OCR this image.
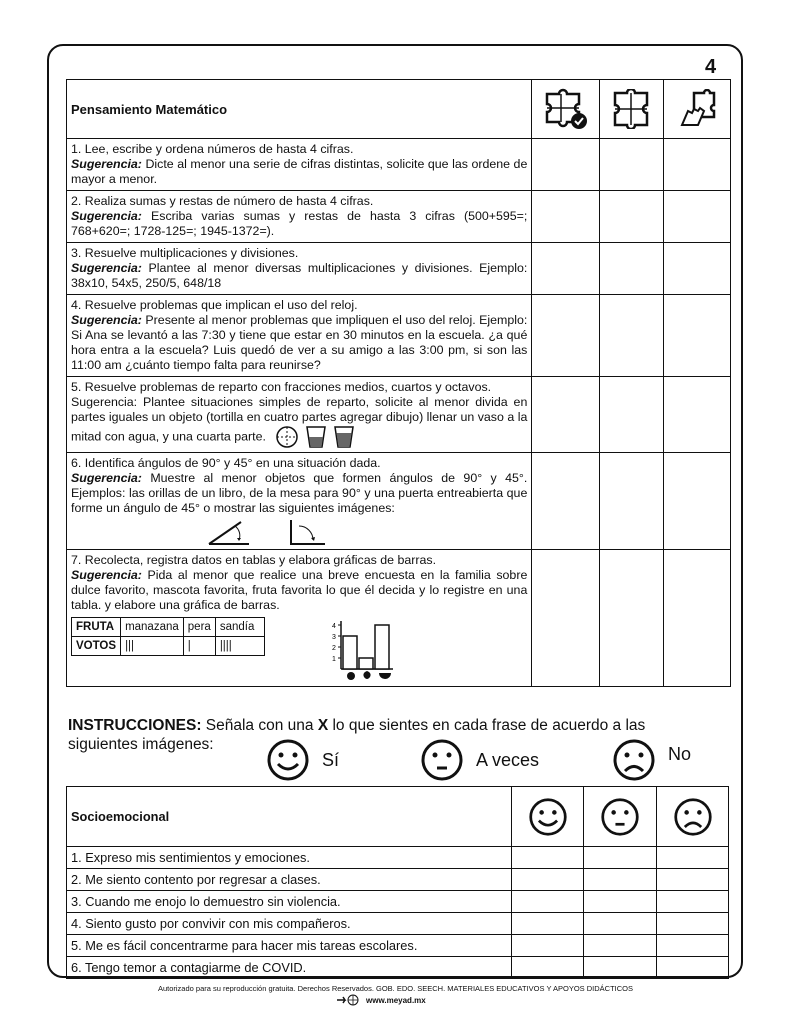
4
Pensamiento Matemático	

1. Lee, escribe y ordena números de hasta 4 cifras.
Sugerencia: Dicte al menor una serie de cifras distintas, solicite que las ordene de mayor a menor.			
2. Realiza sumas y restas de número de hasta 4 cifras.
Sugerencia: Escriba varias sumas y restas de hasta 3 cifras (500+595=; 768+620=; 1728-125=; 1945-1372=).			
3. Resuelve multiplicaciones y divisiones.
Sugerencia: Plantee al menor diversas multiplicaciones y divisiones. Ejemplo: 38x10, 54x5, 250/5, 648/18			
4. Resuelve problemas que implican el uso del reloj.
Sugerencia: Presente al menor problemas que impliquen el uso del reloj. Ejemplo: Si Ana se levantó a las 7:30 y tiene que estar en 30 minutos en la escuela. ¿a qué hora entra a la escuela? Luis quedó de ver a su amigo a las 3:00 pm, si son las 11:00 am ¿cuánto tiempo falta para reunirse?			
5. Resuelve problemas de reparto con fracciones medios, cuartos y octavos.
Sugerencia: Plantee situaciones simples de reparto, solicite al menor divida en partes iguales un objeto (tortilla en cuatro partes agregar dibujo) llenar un vaso a la mitad con agua, y una cuarta parte.

6. Identifica ángulos de 90° y 45° en una situación dada.
Sugerencia: Muestre al menor objetos que formen ángulos de 90° y 45°. Ejemplos: las orillas de un libro, de la mesa para 90° y una puerta entreabierta que forme un ángulo de 45° o mostrar las siguientes imágenes:

7. Recolecta, registra datos en tablas y elabora gráficas de barras.
Sugerencia: Pida al menor que realice una breve encuesta en la familia sobre dulce favorito, mascota favorita, fruta favorita lo que él decida y lo registre en una tabla. y elabore una gráfica de barras.
FRUTA	manazana	pera	sandía
VOTOS	|||	|	||||
1
2
3
4

INSTRUCCIONES: Señala con una X lo que sientes en cada frase de acuerdo a las siguientes imágenes:
Sí	A veces	No
Socioemocional	

1. Expreso mis sentimientos y emociones.			
2. Me siento contento por regresar a clases.			
3. Cuando me enojo lo demuestro sin violencia.			
4. Siento gusto por convivir con mis compañeros.			
5. Me es fácil concentrarme para hacer mis tareas escolares.			
6. Tengo temor a contagiarme de COVID.			
Autorizado para su reproducción gratuita. Derechos Reservados. GOB. EDO. SEECH. MATERIALES EDUCATIVOS Y APOYOS DIDÁCTICOS
www.meyad.mx
